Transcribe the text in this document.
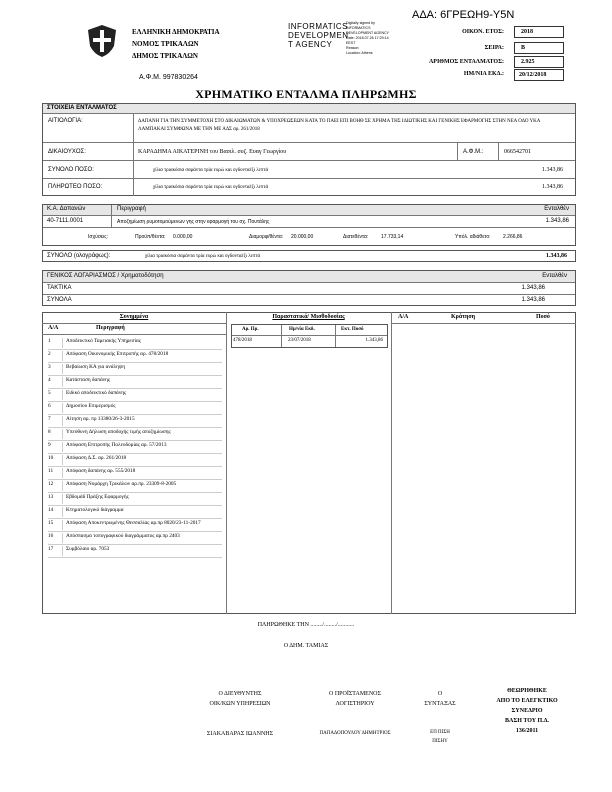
ΕΛΛΗΝΙΚΗ ΔΗΜΟΚΡΑΤΙΑ
ΝΟΜΟΣ ΤΡΙΚΑΛΩΝ
ΔΗΜΟΣ ΤΡΙΚΑΛΩΝ
Α.Φ.Μ. 997830264
INFORMATICS
DEVELOPMEN
T AGENCY
Digitally signed by
INFORMATICS
DEVELOPMENT AGENCY
Date: 2018.07.26 17:29:14
EEST
Reason:
Location: Athens
ΑΔΑ: 6ΓΡΕΩΗ9-Υ5Ν
ΟΙΚΟΝ. ΕΤΟΣ:	2018
ΣΕΙΡΑ:	Β
ΑΡΙΘΜΟΣ ΕΝΤΑΛΜΑΤΟΣ:	2.925
ΗΜ/ΝΙΑ ΕΚΔ.:	20/12/2018
ΧΡΗΜΑΤΙΚΟ ΕΝΤΑΛΜΑ ΠΛΗΡΩΜΗΣ
ΣΤΟΙΧΕΙΑ ΕΝΤΑΛΜΑΤΟΣ
ΑΙΤΙΟΛΟΓΙΑ:	ΔΑΠΑΝΗ ΓΙΑ ΤΗΝ ΣΥΜΜΕΤΟΧΗ ΣΤΟ ΔΙΚΑΙΩΜΑΤΩΝ & ΥΠΟΧΡΕΩΣΕΩΝ ΚΑΤΑ ΤΟ ΠΑΕΙ ΕΠΙ ΒΟΗΘ ΣΕ ΧΡΗΜΑ ΤΗΣ ΙΔΙΩΤΙΚΗΣ ΚΑΙ ΓΕΝΙΚΗΣ ΕΦΑΡΜΟΓΗΣ ΣΤΗΝ ΝΕΑ ΟΔΟ ΥΚΑ ΛΑΜΠΑΚΑΙ ΣΥΜΦΩΝΑ ΜΕ ΤΗΝ ΜΕ ΑΔΣ αρ. 261/2018
ΔΙΚΑΙΟΥΧΟΣ:	ΚΑΡΑΔΗΜΑ ΑΙΚΑΤΕΡΙΝΗ του Βασιλ. συζ. Ευαγ Γεωργίου	Α.Φ.Μ.:	066542701
ΣΥΝΟΛΟ ΠΟΣΟ:	χίλια τριακόσια σαράντα τρία ευρώ και ογδονταέξι λεπτά	1.343,86
ΠΛΗΡΩΤΕΟ ΠΟΣΟ:	χίλια τριακόσια σαράντα τρία ευρώ και ογδονταέξι λεπτά	1.343,86
Κ.Α. Δαπανών	Περιγραφή	Ενταλθέν
40-7111.0001	Αποζημίωση ρυμοτομούμενων γης στην εφαρμογή του σχ. Πουτάλης	1.343,86
Ισχύσεις:	Προϋπ/θέντα: 0.000,00	Διαμορφ/θέντα: 20.000,00	Διατεθέντα:	17.733,14	Υπόλ. αδιάθετο: 2.266,86
ΣΥΝΟΛΟ (ολογράφως):	χίλια τριακόσια σαράντα τρία ευρώ και ογδονταέξι λεπτά	1.343,86
ΓΕΝΙΚΟΣ ΛΟΓΑΡΙΑΣΜΟΣ / Χρηματοδότηση	Ενταλθέν
ΤΑΚΤΙΚΑ	1.343,86
ΣΥΝΟΛΑ	1.343,86
Συνημμένα
Α/Α	Περιγραφή
1	Αποδεικτικό Ταμειακής Υπηρεσίας
2	Απόφαση Οικονομικής Επιτροπής αρ. 478/2018
3	Βεβαίωση ΚΑ για ανάληψη
4	Κατάσταση δαπάνης
5	Ειδικό αποδεικτικό δαπάνης
6	Δημοσίου Επιμερισμός
7	Αίτηση αρ. πρ 13380/26-3-2015
8	Υπεύθυνη Δήλωση αποδοχής τιμής αποζημίωσης
9	Απόφαση Επιτροπής Πολεοδομίας αρ. 57/2013
10	Απόφαση Δ.Σ. αρ. 261/2018
11	Απόφαση δαπάνης αρ. 555/2018
12	Απόφαση Νομάρχη Τρικάλων αρ.πρ. 23309-8-2005
13	Εβδομάδ Πράξης Εφαρμογής
14	Κτηματολογικό διάγραμμα
15	Απόφαση Αποκεντρωμένης Θεσσαλίας αρ.πρ 8020/23-11-2017
16	Απόσπασμα τοπογραφικού διαγράμματος αρ.πρ 2403
17	Συμβόλαιο αρ. 7053
Παραστατικά/ Μισθοδοσίας
Αρ. Πρ.	Ημ/νία Εκδ.	Εκτ. Ποσό
478/2018	23/07/2018	1.343,86
Α/Α	Κράτηση	Ποσό
ΠΛΗΡΩΘΗΚΕ ΤΗΝ ......../......../...........
Ο ΔΗΜ. ΤΑΜΙΑΣ
Ο ΔΙΕΥΘΥΝΤΗΣ
ΟΙΚ/ΚΩΝ ΥΠΗΡΕΣΙΩΝ
ΣΙΑΚΑΒΑΡΑΣ ΙΩΑΝΝΗΣ
Ο ΠΡΟΪΣΤΑΜΕΝΟΣ
ΛΟΓΙΣΤΗΡΙΟΥ
ΠΑΠΑΔΟΠΟΥΛΟΥ ΔΗΜΗΤΡΙΟΣ
Ο
ΣΥΝΤΑΞΑΣ
ΕΠ ΠΙΣΗ
ΠΙΣΗΥ
ΘΕΩΡΗΘΗΚΕ
ΑΠΟ ΤΟ ΕΛΕΓΚΤΙΚΟ
ΣΥΝΕΔΡΙΟ
ΒΑΣΗ ΤΟΥ Π.Δ.
136/2011
